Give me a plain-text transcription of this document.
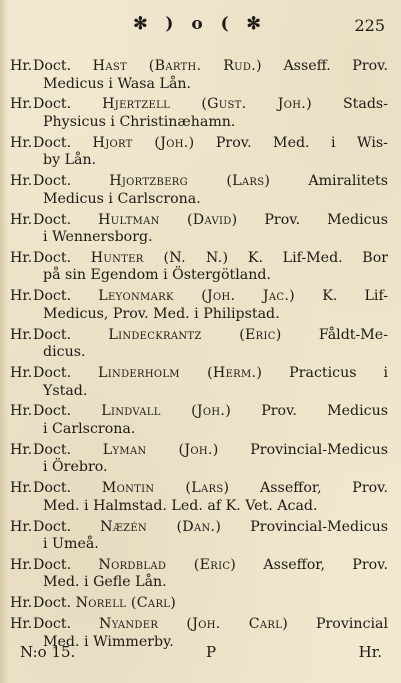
✻ ) o ( ✻	225
Hr. Doct. Hast (Barth. Rud.) Asseff. Prov.
Medicus i Wasa Lån.
Hr. Doct. Hjertzell (Gust. Joh.) Stads-
Physicus i Christinæhamn.
Hr. Doct. Hjort (Joh.) Prov. Med. i Wis-
by Lån.
Hr. Doct.	Hjortzberg (Lars)	Amiralitets
Medicus i Carlscrona.
Hr. Doct. Hultman (David) Prov. Medicus
i Wennersborg.
Hr. Doct. Hunter (N. N.) K. Lif-Med. Bor
på sin Egendom i Östergötland.
Hr. Doct. Leyonmark (Joh. Jac.) K. Lif-
Medicus, Prov. Med. i Philipstad.
Hr. Doct.	Lindeckrantz (Eric)	Fåldt-Me-
dicus.
Hr. Doct. Linderholm (Herm.) Practicus i
Ystad.
Hr. Doct. Lindvall (Joh.) Prov. Medicus
i Carlscrona.
Hr. Doct. Lyman (Joh.) Provincial-Medicus
i Örebro.
Hr. Doct. Montin (Lars) Asseffor, Prov.
Med. i Halmstad. Led. af K. Vet. Acad.
Hr. Doct. Næzén (Dan.) Provincial-Medicus
i Umeå.
Hr. Doct. Nordblad (Eric) Asseffor, Prov.
Med. i Gefle Lån.
Hr. Doct. Norell (Carl)
Hr. Doct. Nyander (Joh. Carl) Provincial
Med. i Wimmerby.
N:o 15.	P	Hr.
